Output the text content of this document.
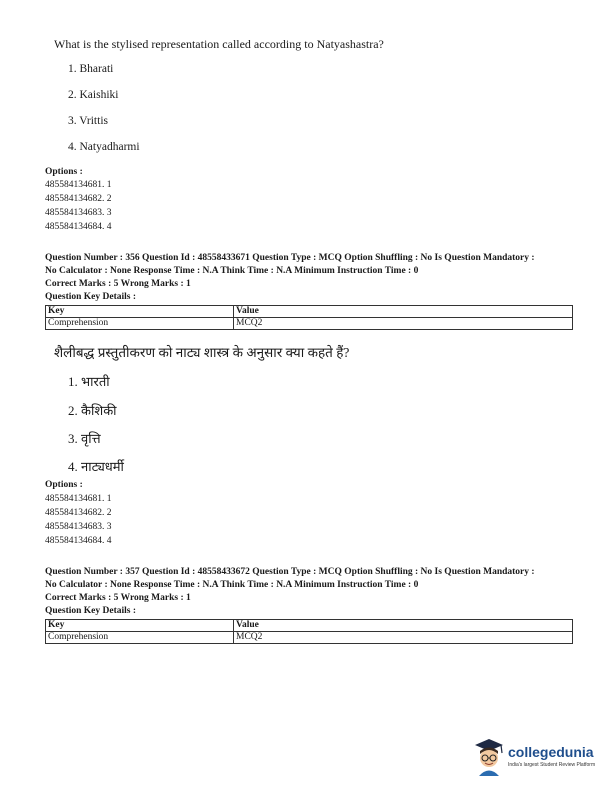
What is the stylised representation called according to Natyashastra?
1. Bharati
2. Kaishiki
3. Vrittis
4. Natyadharmi
Options :
485584134681. 1
485584134682. 2
485584134683. 3
485584134684. 4
Question Number : 356 Question Id : 48558433671 Question Type : MCQ Option Shuffling : No Is Question Mandatory :
No Calculator : None Response Time : N.A Think Time : N.A Minimum Instruction Time : 0
Correct Marks : 5 Wrong Marks : 1
Question Key Details :
Key	Value
Comprehension	MCQ2
शैलीबद्ध प्रस्तुतीकरण को नाट्य शास्त्र के अनुसार क्या कहते हैं?
1. भारती
2. कैशिकी
3. वृत्ति
4. नाट्यधर्मी
Options :
485584134681. 1
485584134682. 2
485584134683. 3
485584134684. 4
Question Number : 357 Question Id : 48558433672 Question Type : MCQ Option Shuffling : No Is Question Mandatory :
No Calculator : None Response Time : N.A Think Time : N.A Minimum Instruction Time : 0
Correct Marks : 5 Wrong Marks : 1
Question Key Details :
Key	Value
Comprehension	MCQ2
collegedunia
India's largest Student Review Platform
